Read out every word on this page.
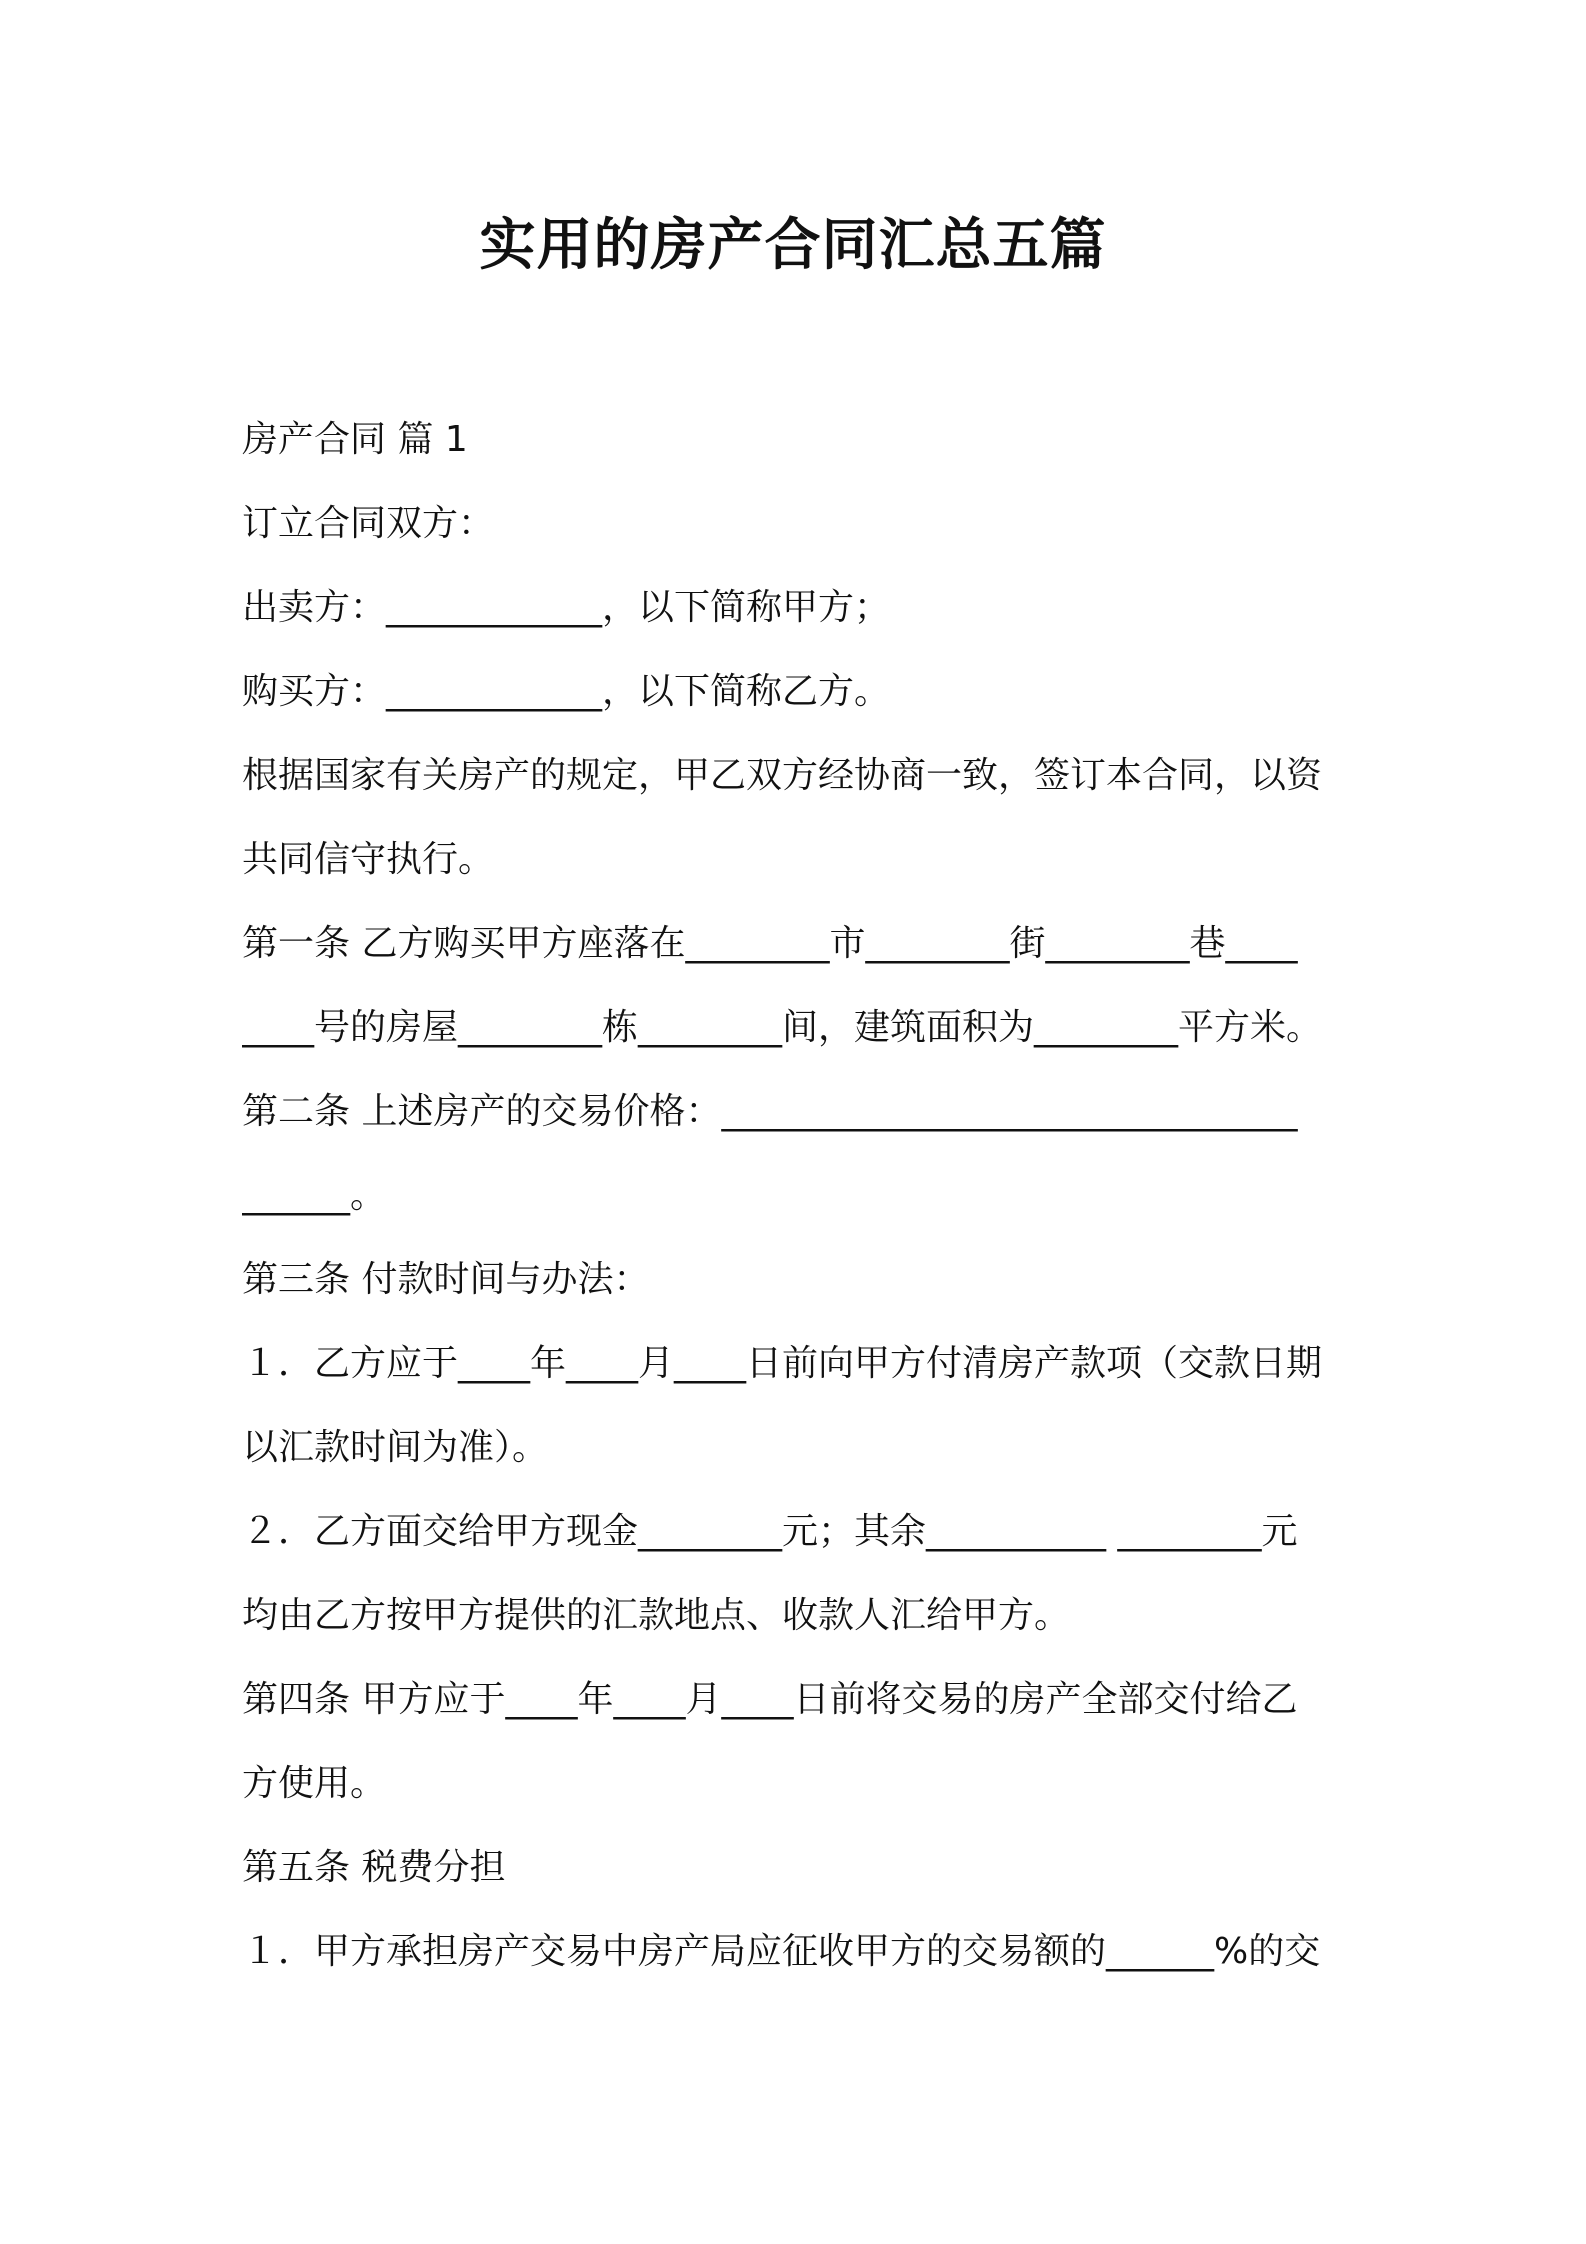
实用的房产合同汇总五篇
房产合同 篇 1
订立合同双方：
出卖方：____________，以下简称甲方；
购买方：____________，以下简称乙方。
根据国家有关房产的规定，甲乙双方经协商一致，签订本合同，以资
共同信守执行。
第一条 乙方购买甲方座落在________市________街________巷____
____号的房屋________栋________间，建筑面积为________平方米。
第二条 上述房产的交易价格：________________________________
______。
第三条 付款时间与办法：
１．乙方应于____年____月____日前向甲方付清房产款项（交款日期
以汇款时间为准）。
２．乙方面交给甲方现金________元；其余__________ ________元
均由乙方按甲方提供的汇款地点、收款人汇给甲方。
第四条 甲方应于____年____月____日前将交易的房产全部交付给乙
方使用。
第五条 税费分担
１．甲方承担房产交易中房产局应征收甲方的交易额的______%的交
